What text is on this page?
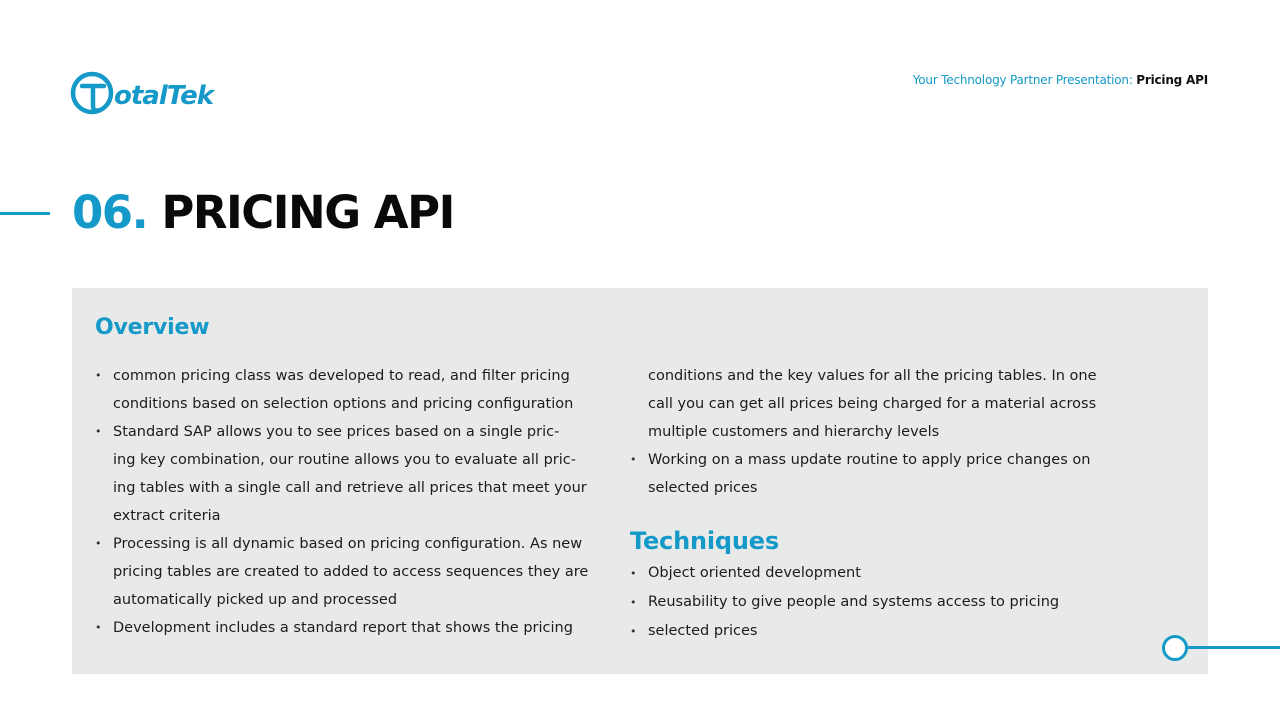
otalTek
Your Technology Partner Presentation: Pricing API
06. PRICING API
Overview

• common pricing class was developed to read, and filter pricing

conditions based on selection options and pricing configuration

• Standard SAP allows you to see prices based on a single pric-

ing key combination, our routine allows you to evaluate all pric-

ing tables with a single call and retrieve all prices that meet your

extract criteria

• Processing is all dynamic based on pricing configuration. As new

pricing tables are created to added to access sequences they are

automatically picked up and processed

• Development includes a standard report that shows the pricing

conditions and the key values for all the pricing tables. In one

call you can get all prices being charged for a material across

multiple customers and hierarchy levels

• Working on a mass update routine to apply price changes on

selected prices

Techniques

• Object oriented development

• Reusability to give people and systems access to pricing

• selected prices
